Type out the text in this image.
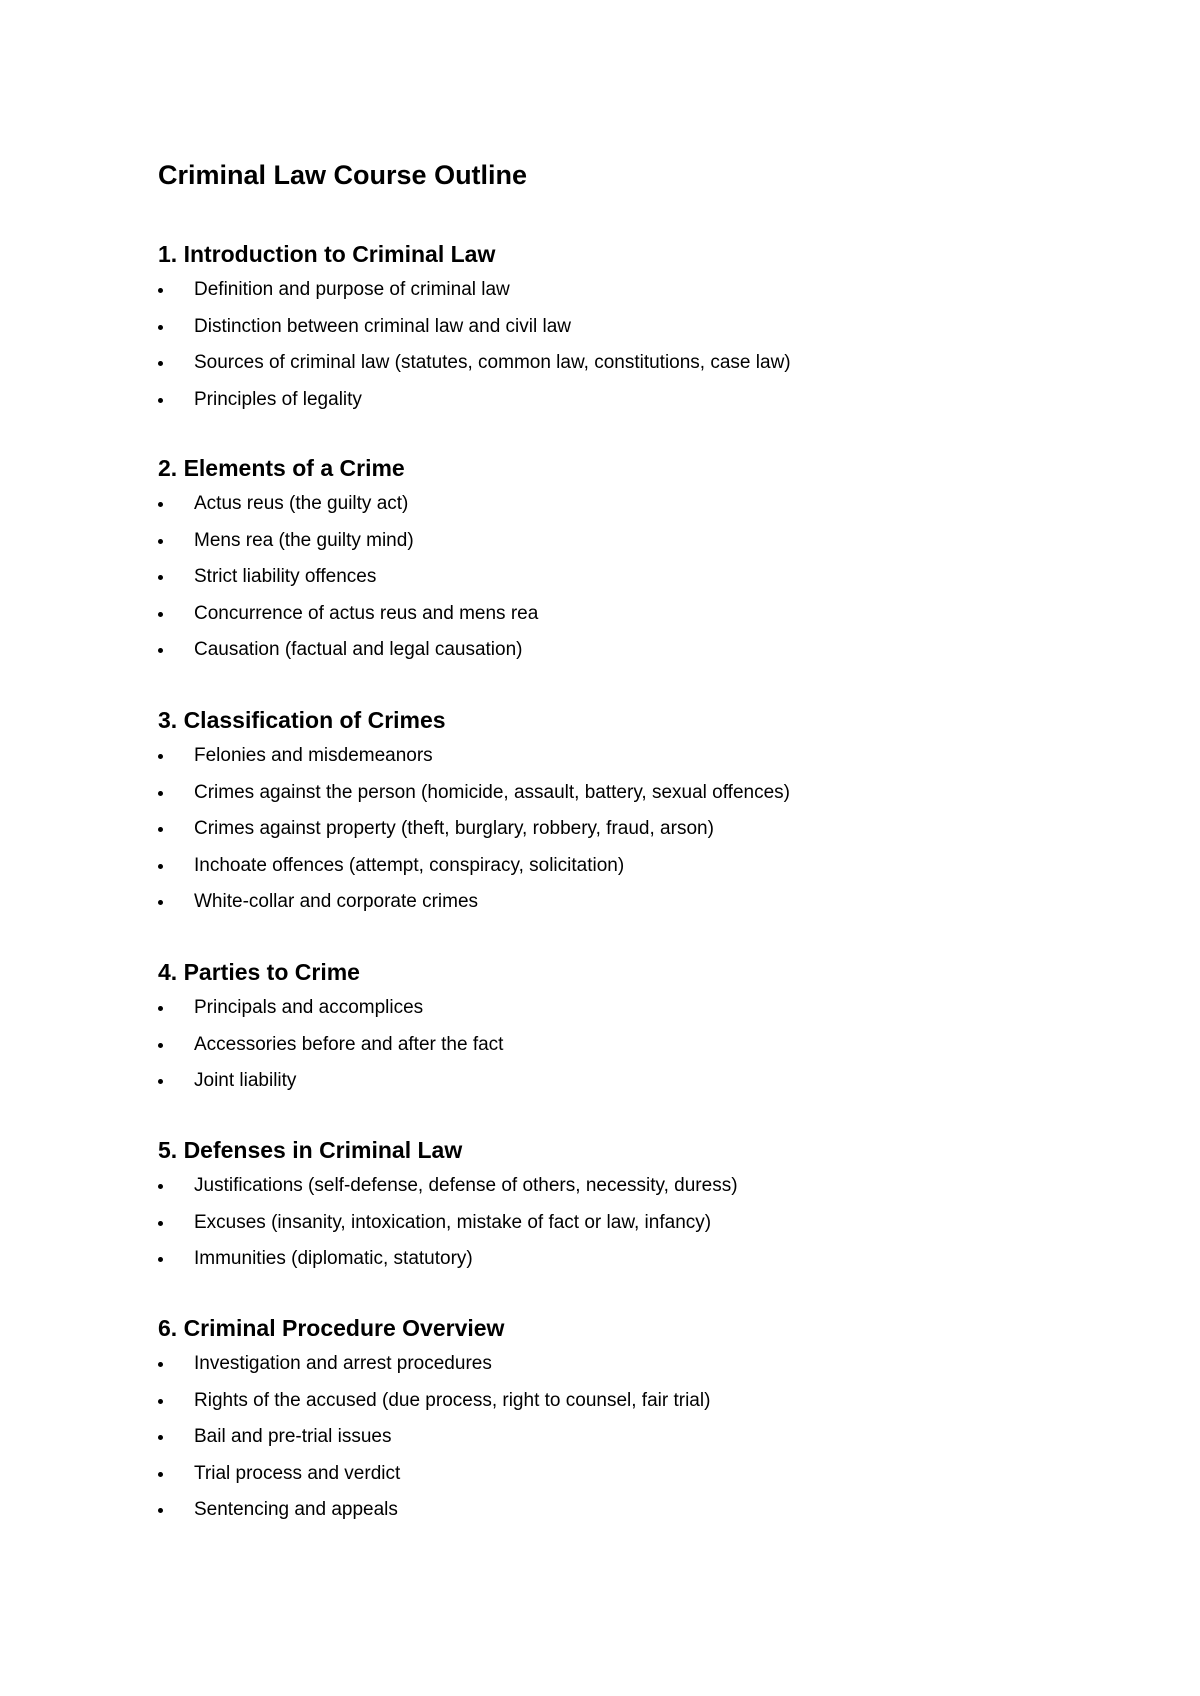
Criminal Law Course Outline
1. Introduction to Criminal Law
Definition and purpose of criminal law
Distinction between criminal law and civil law
Sources of criminal law (statutes, common law, constitutions, case law)
Principles of legality
2. Elements of a Crime
Actus reus (the guilty act)
Mens rea (the guilty mind)
Strict liability offences
Concurrence of actus reus and mens rea
Causation (factual and legal causation)
3. Classification of Crimes
Felonies and misdemeanors
Crimes against the person (homicide, assault, battery, sexual offences)
Crimes against property (theft, burglary, robbery, fraud, arson)
Inchoate offences (attempt, conspiracy, solicitation)
White-collar and corporate crimes
4. Parties to Crime
Principals and accomplices
Accessories before and after the fact
Joint liability
5. Defenses in Criminal Law
Justifications (self-defense, defense of others, necessity, duress)
Excuses (insanity, intoxication, mistake of fact or law, infancy)
Immunities (diplomatic, statutory)
6. Criminal Procedure Overview
Investigation and arrest procedures
Rights of the accused (due process, right to counsel, fair trial)
Bail and pre-trial issues
Trial process and verdict
Sentencing and appeals
